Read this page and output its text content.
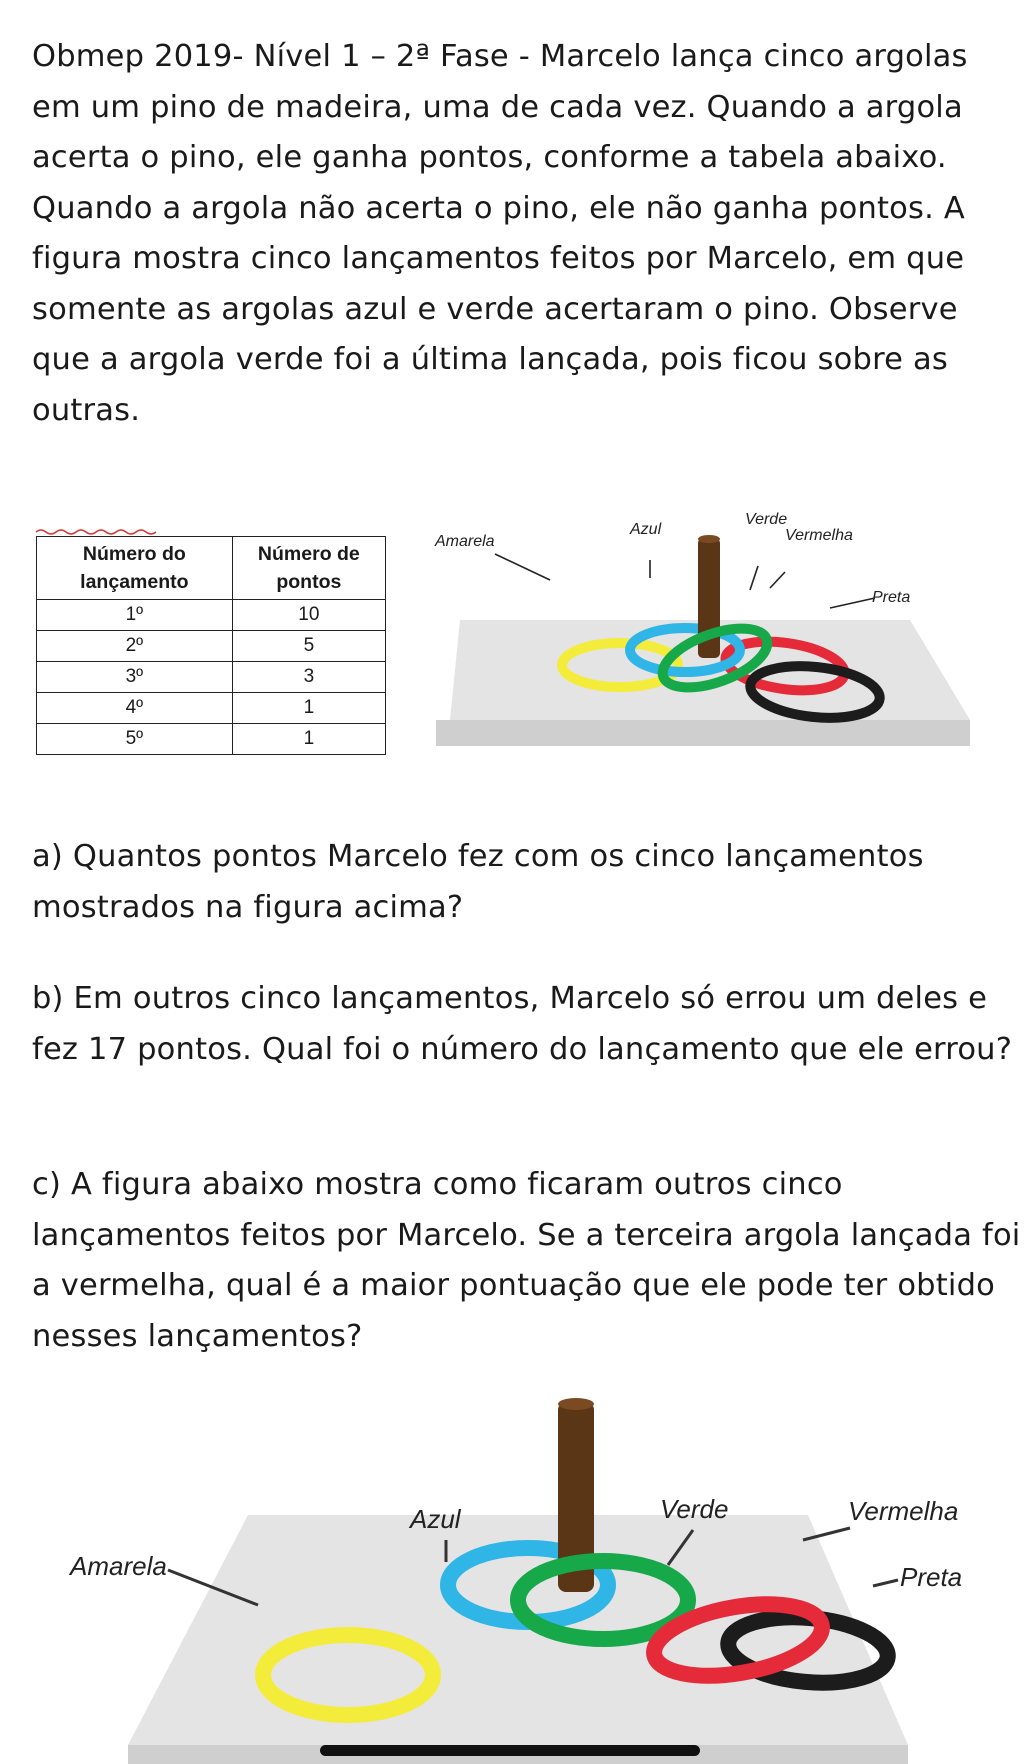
Obmep 2019- Nível 1 – 2ª Fase - Marcelo lança cinco argolas em um pino de madeira, uma de cada vez. Quando a argola acerta o pino, ele ganha pontos, conforme a tabela abaixo. Quando a argola não acerta o pino, ele não ganha pontos. A figura mostra cinco lançamentos feitos por Marcelo, em que somente as argolas azul e verde acertaram o pino. Observe que a argola verde foi a última lançada, pois ficou sobre as outras.
Número do lançamento	Número de pontos
1º	10
2º	5
3º	3
4º	1
5º	1
Amarela
Azul
Verde
Vermelha
Preta
a) Quantos pontos Marcelo fez com os cinco lançamentos mostrados na figura acima?
b) Em outros cinco lançamentos, Marcelo só errou um deles e fez 17 pontos. Qual foi o número do lançamento que ele errou?
c) A figura abaixo mostra como ficaram outros cinco lançamentos feitos por Marcelo. Se a terceira argola lançada foi a vermelha, qual é a maior pontuação que ele pode ter obtido nesses lançamentos?
Amarela
Azul	Verde	Vermelha
Preta
